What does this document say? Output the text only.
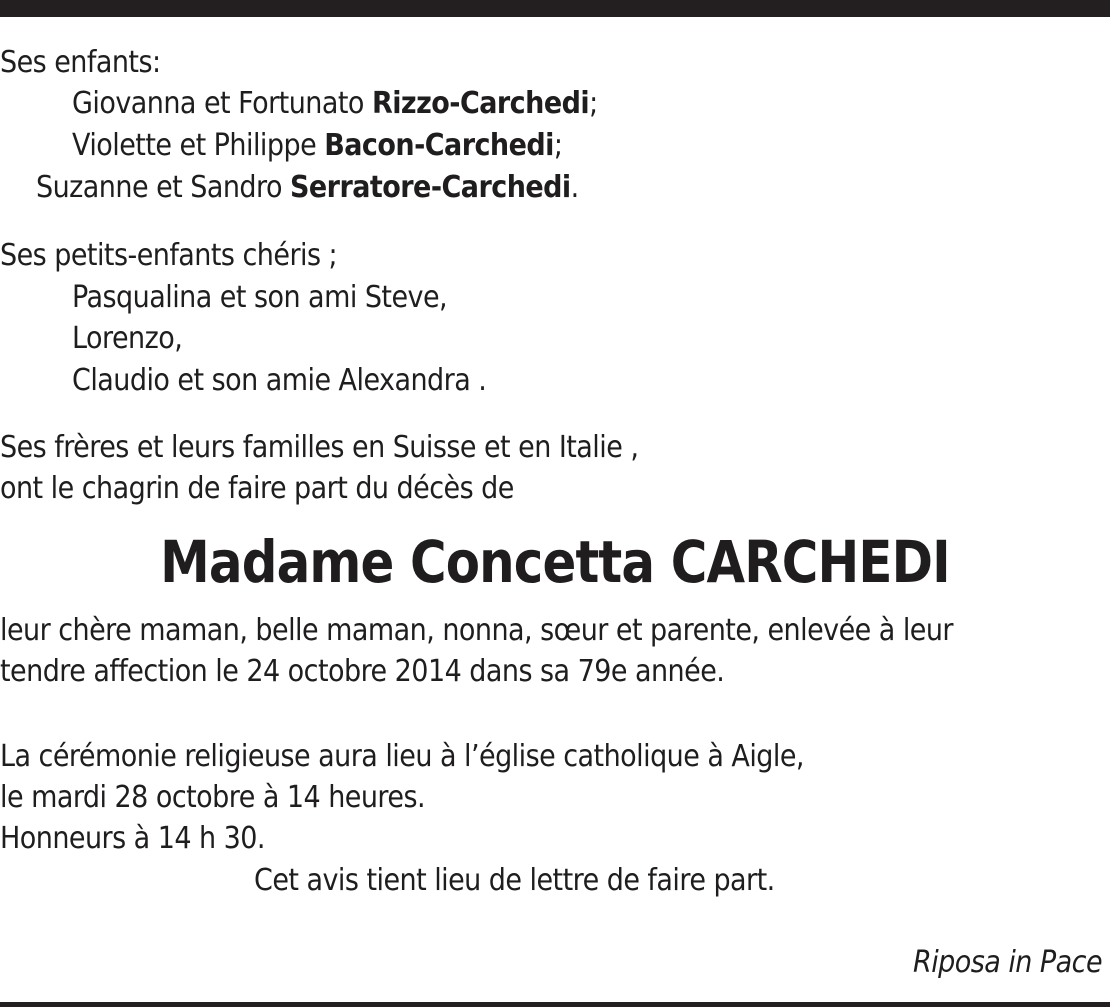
Ses enfants:
Giovanna et Fortunato Rizzo-Carchedi;
Violette et Philippe Bacon-Carchedi;
Suzanne et Sandro Serratore-Carchedi.
Ses petits-enfants chéris ;
Pasqualina et son ami Steve,
Lorenzo,
Claudio et son amie Alexandra .
Ses frères et leurs familles en Suisse et en Italie ,
ont le chagrin de faire part du décès de
Madame Concetta CARCHEDI
leur chère maman, belle maman, nonna, sœur et parente, enlevée à leur
tendre affection le 24 octobre 2014 dans sa 79e année.
La cérémonie religieuse aura lieu à l’église catholique à Aigle,
le mardi 28 octobre à 14 heures.
Honneurs à 14 h 30.
Cet avis tient lieu de lettre de faire part.
Riposa in Pace
